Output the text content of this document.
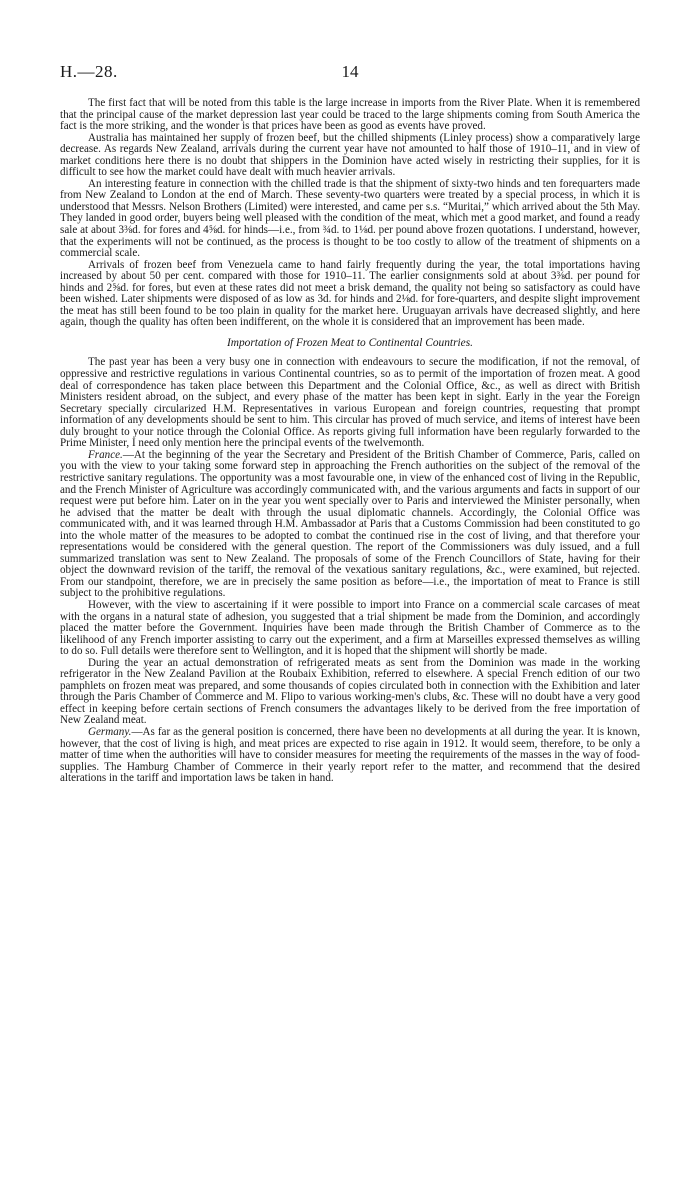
H.—28.	14

The first fact that will be noted from this table is the large increase in imports from the River Plate. When it is remembered that the principal cause of the market depression last year could be traced to the large shipments coming from South America the fact is the more striking, and the wonder is that prices have been as good as events have proved.

Australia has maintained her supply of frozen beef, but the chilled shipments (Linley process) show a comparatively large decrease. As regards New Zealand, arrivals during the current year have not amounted to half those of 1910–11, and in view of market conditions here there is no doubt that shippers in the Dominion have acted wisely in restricting their supplies, for it is difficult to see how the market could have dealt with much heavier arrivals.

An interesting feature in connection with the chilled trade is that the shipment of sixty-two hinds and ten forequarters made from New Zealand to London at the end of March. These seventy-two quarters were treated by a special process, in which it is understood that Messrs. Nelson Brothers (Limited) were interested, and came per s.s. “Muritai,” which arrived about the 5th May. They landed in good order, buyers being well pleased with the condition of the meat, which met a good market, and found a ready sale at about 3⅜d. for fores and 4⅝d. for hinds—i.e., from ¾d. to 1⅛d. per pound above frozen quotations. I understand, however, that the experiments will not be continued, as the process is thought to be too costly to allow of the treatment of shipments on a commercial scale.

Arrivals of frozen beef from Venezuela came to hand fairly frequently during the year, the total importations having increased by about 50 per cent. compared with those for 1910–11. The earlier consignments sold at about 3⅜d. per pound for hinds and 2⅝d. for fores, but even at these rates did not meet a brisk demand, the quality not being so satisfactory as could have been wished. Later shipments were disposed of as low as 3d. for hinds and 2⅛d. for fore-quarters, and despite slight improvement the meat has still been found to be too plain in quality for the market here. Uruguayan arrivals have decreased slightly, and here again, though the quality has often been indifferent, on the whole it is considered that an improvement has been made.

Importation of Frozen Meat to Continental Countries.

The past year has been a very busy one in connection with endeavours to secure the modification, if not the removal, of oppressive and restrictive regulations in various Continental countries, so as to permit of the importation of frozen meat. A good deal of correspondence has taken place between this Department and the Colonial Office, &c., as well as direct with British Ministers resident abroad, on the subject, and every phase of the matter has been kept in sight. Early in the year the Foreign Secretary specially circularized H.M. Representatives in various European and foreign countries, requesting that prompt information of any developments should be sent to him. This circular has proved of much service, and items of interest have been duly brought to your notice through the Colonial Office. As reports giving full information have been regularly forwarded to the Prime Minister, I need only mention here the principal events of the twelvemonth.

France.—At the beginning of the year the Secretary and President of the British Chamber of Commerce, Paris, called on you with the view to your taking some forward step in approaching the French authorities on the subject of the removal of the restrictive sanitary regulations. The opportunity was a most favourable one, in view of the enhanced cost of living in the Republic, and the French Minister of Agriculture was accordingly communicated with, and the various arguments and facts in support of our request were put before him. Later on in the year you went specially over to Paris and interviewed the Minister personally, when he advised that the matter be dealt with through the usual diplomatic channels. Accordingly, the Colonial Office was communicated with, and it was learned through H.M. Ambassador at Paris that a Customs Commission had been constituted to go into the whole matter of the measures to be adopted to combat the continued rise in the cost of living, and that therefore your representations would be considered with the general question. The report of the Commissioners was duly issued, and a full summarized translation was sent to New Zealand. The proposals of some of the French Councillors of State, having for their object the downward revision of the tariff, the removal of the vexatious sanitary regulations, &c., were examined, but rejected. From our standpoint, therefore, we are in precisely the same position as before—i.e., the importation of meat to France is still subject to the prohibitive regulations.

However, with the view to ascertaining if it were possible to import into France on a commercial scale carcases of meat with the organs in a natural state of adhesion, you suggested that a trial shipment be made from the Dominion, and accordingly placed the matter before the Government. Inquiries have been made through the British Chamber of Commerce as to the likelihood of any French importer assisting to carry out the experiment, and a firm at Marseilles expressed themselves as willing to do so. Full details were therefore sent to Wellington, and it is hoped that the shipment will shortly be made.

During the year an actual demonstration of refrigerated meats as sent from the Dominion was made in the working refrigerator in the New Zealand Pavilion at the Roubaix Exhibition, referred to elsewhere. A special French edition of our two pamphlets on frozen meat was prepared, and some thousands of copies circulated both in connection with the Exhibition and later through the Paris Chamber of Commerce and M. Flipo to various working-men's clubs, &c. These will no doubt have a very good effect in keeping before certain sections of French consumers the advantages likely to be derived from the free importation of New Zealand meat.

Germany.—As far as the general position is concerned, there have been no developments at all during the year. It is known, however, that the cost of living is high, and meat prices are expected to rise again in 1912. It would seem, therefore, to be only a matter of time when the authorities will have to consider measures for meeting the requirements of the masses in the way of food-supplies. The Hamburg Chamber of Commerce in their yearly report refer to the matter, and recommend that the desired alterations in the tariff and importation laws be taken in hand.
